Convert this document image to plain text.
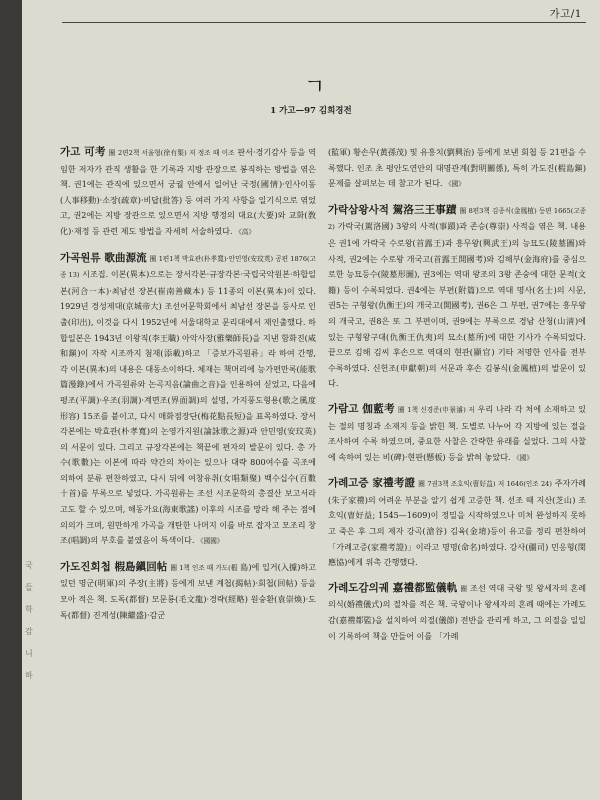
국
들
학
감
니
하
가고/1
ㄱ
1 가고—97 김희경전

가고 可考 圈 2편2책 서울형(徐有榘) 저 정조 때 이조 판서·경기감사 등을 역임한 저자가 관직 생활을 한 기록과 지방 관장으로 봉직하는 방법을 엮은 책. 권1에는 관직에 있으면서 궁궐 안에서 일어난 국정(國情)·인사이동(人事移動)·소장(疏章)·비답(批答) 등 여러 가지 사항을 일기식으로 엮었고, 권2에는 지방 장관으로 있으면서 지방 행정의 대요(大要)와 교화(敎化)·재정 등 관련 제도 방법을 자세히 서술하였다. 《高》

가곡원류 歌曲源流 圈 1편1책 박효관(朴孝寬)·안민영(安玟英) 공편 1876(고종 13) 시조집. 이본(異本)으로는 장서각본·규장각본·국립국악원본·하합일본(河合一本)·최남선 장본(崔南善藏本) 등 11종의 이본(異本)이 있다. 1929년 경성제대(京城帝大) 조선어문학회에서 최남선 장본을 등사로 인출(印出), 이것을 다시 1952년에 서울대학교 문리대에서 재인출했다. 하합일본은 1943년 이왕직(李王職) 아악사장(雅樂師長)을 지낸 함화진(咸和鎭)이 자작 시조까지 첨재(添載)하고 「증보가곡원류」라 하여 간행, 각 이본(異本)의 내용은 대동소이하다. 체재는 책머리에 능가편만록(能歌篇漫錄)에서 가곡원류와 논곡지음(論曲之音)을 인용하여 싣었고, 다음에 평조(平調)·우조(羽調)·계면조(界面調)의 설명, 가지풍도형용(歌之風度形容) 15조를 붙이고, 다시 매화점장단(梅花點長短)을 표목하였다. 장서각본에는 박효관(朴孝寬)의 논영가지원(論詠歌之源)과 안민영(安玟英)의 서문이 있다. 그리고 규장각본에는 책끝에 편자의 발문이 있다. 총 가수(歌數)는 이본에 따라 약간의 차이는 있으나 대략 800여수를 곡조에 의하여 분류 편찬하였고, 다시 뒤에 여창유취(女唱類聚) 백수십수(百數十首)를 부록으로 넣었다. 가곡원류는 조선 시조문학의 총결산 보고서라고도 할 수 있으며, 해동가요(海東歌謠) 이후의 시조를 망라 해 주는 점에 의의가 크며, 원만하게 가곡을 개탄한 나머지 이를 바로 잡자고 모조리 창조(唱調)의 부호를 붙였음이 특색이다. 《國國》

가도진회첩 椵島鎭回帖 圈 1책 인조 때 가도(椵 島)에 입거(入據)하고 있던 명군(明軍)의 주장(主將) 등에게 보낸 계첩(揭帖)·회첩(回帖) 등을 모아 적은 책. 도독(都督) 모문룡(毛文龍)·경략(經略) 원숭환(袁崇煥)·도독(都督) 진계성(陳繼盛)·감군

(監軍) 황손무(黃孫茂) 및 유흥치(劉興治) 등에게 보낸 회첩 등 21편을 수록했다. 인조 초 평안도연안의 대명관계(對明關係), 특히 가도진(椵島鎭) 문제를 살펴보는 데 참고가 된다. 《國》

가락삼왕사적 駕洛三王事蹟 圈 8편3책 김종식(金鳳植) 등편 1665(고종 2) 가락국(駕洛國) 3왕의 사적(事蹟)과 존승(尊崇) 사적을 엮은 책. 내용은 권1에 가락국 수로왕(首露王)과 흥무왕(興武王)의 능묘도(陵墓圖)와 사적, 권2에는 수로왕 개국고(首露王開國考)와 김해부(金海府)를 중심으로한 능묘등수(陵墓形圖), 권3에는 역대 왕조의 3왕 존숭에 대한 문적(文籍) 등이 수록되었다. 권4에는 부편(附篇)으로 역대 명사(名士)의 시문, 권5는 구형왕(仇衡王)의 개국고(開國考), 권6은 그 부편, 권7에는 흥무왕의 개국고, 권8은 또 그 부편이며, 권9에는 부록으로 경남 산청(山淸)에 있는 구형왕구대(仇衡王仇夷)의 묘소(墓所)에 대한 기사가 수록되었다. 끝으로 김해 김씨 후손으로 역대의 현관(顯官) 기타 저명한 인사를 전부 수록하였다. 신헌조(申獻朝)의 서문과 후손 김봉식(金鳳植)의 발문이 있다.

가람고 伽藍考 圈 1책 신경준(申景濬) 저 우리 나라 각 처에 소재하고 있는 절의 명칭과 소재지 등을 밝힌 책. 도별로 나누어 각 지방에 있는 절을 조사하여 수록 하였으며, 중요한 사찰은 간략한 유래를 실었다. 그의 사찰에 속하여 있는 비(碑)·현판(懸板) 등을 밝혀 놓았다. 《國》

가례고증 家禮考證 圈 7권3책 조호익(曺好益) 저 1646(인조 24) 주자가례(朱子家禮)의 어려운 부분을 알기 쉽게 고증한 책. 선조 때 지산(芝山) 조호익(曺好益; 1545—1609)이 정밀을 시작하였으나 미처 완성하지 못하고 죽은 후 그의 제자 강곡(滄谷) 김육(金堉)등이 유고를 정리 편찬하여 「가례고증(家禮考證)」이라고 명명(命名)하였다. 강사(疆司) 민응형(閔應協)에게 위촉 간행했다.

가례도감의궤 嘉禮都監儀軌 圈 조선 역대 국왕 및 왕세자의 혼례의식(婚禮儀式)의 절차를 적은 책. 국왕이나 왕세자의 혼례 때에는 가례도감(嘉禮都監)을 설치하여 의절(儀節) 전반을 관리케 하고, 그 의절을 일일이 기록하여 책을 만들어 이를 「가례
